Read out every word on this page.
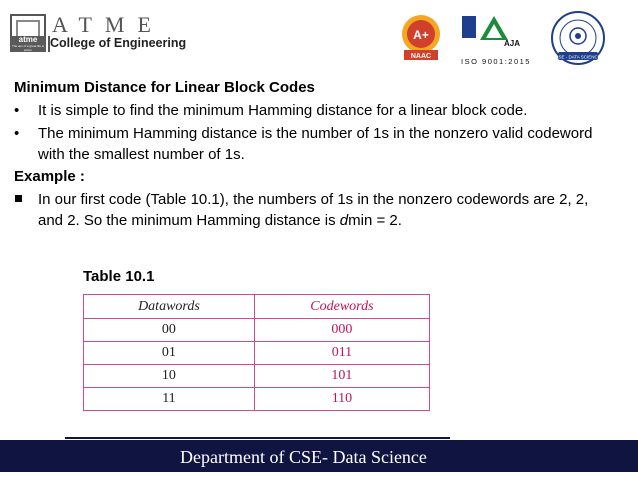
atme
The aim of a great life is action
ATME
College of Engineering
A+
NAAC
AJA
ISO 9001:2015	CSE - DATA SCIENCE
Minimum Distance for Linear Block Codes
• It is simple to find the minimum Hamming distance for a linear block code.
• The minimum Hamming distance is the number of 1s in the nonzero valid codeword with the smallest number of 1s.
Example :
In our first code (Table 10.1), the numbers of 1s in the nonzero codewords are 2, 2, and 2. So the minimum Hamming distance is dmin = 2.
Table 10.1
Datawords	Codewords
00	000
01	011
10	101
11	110
Department of CSE- Data Science
